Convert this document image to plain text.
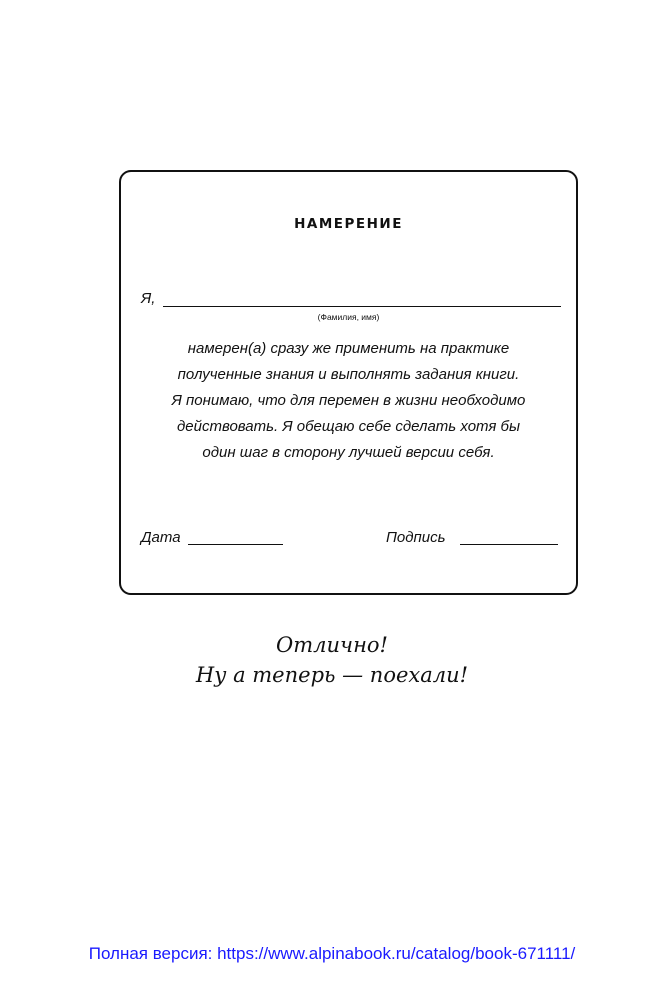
НАМЕРЕНИЕ
Я,
(Фамилия, имя)
намерен(а) сразу же применить на практике
полученные знания и выполнять задания книги.
Я понимаю, что для перемен в жизни необходимо
действовать. Я обещаю себе сделать хотя бы
один шаг в сторону лучшей версии себя.
Дата	Подпись
Отлично!
Ну а теперь — поехали!
Полная версия: https://www.alpinabook.ru/catalog/book-671111/
